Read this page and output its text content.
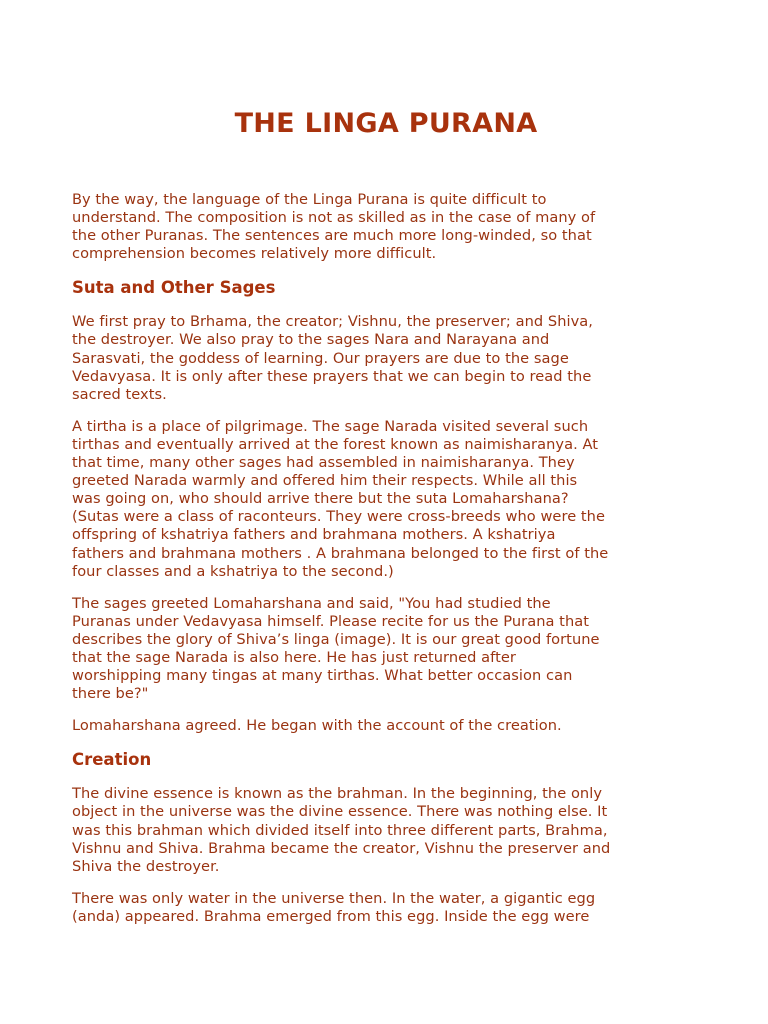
THE LINGA PURANA

By the way, the language of the Linga Purana is quite difficult to
understand. The composition is not as skilled as in the case of many of
the other Puranas. The sentences are much more long-winded, so that
comprehension becomes relatively more difficult.

Suta and Other Sages

We first pray to Brhama, the creator; Vishnu, the preserver; and Shiva,
the destroyer. We also pray to the sages Nara and Narayana and
Sarasvati, the goddess of learning. Our prayers are due to the sage
Vedavyasa. It is only after these prayers that we can begin to read the
sacred texts.

A tirtha is a place of pilgrimage. The sage Narada visited several such
tirthas and eventually arrived at the forest known as naimisharanya. At
that time, many other sages had assembled in naimisharanya. They
greeted Narada warmly and offered him their respects. While all this
was going on, who should arrive there but the suta Lomaharshana?
(Sutas were a class of raconteurs. They were cross-breeds who were the
offspring of kshatriya fathers and brahmana mothers. A kshatriya
fathers and brahmana mothers . A brahmana belonged to the first of the
four classes and a kshatriya to the second.)

The sages greeted Lomaharshana and said, "You had studied the
Puranas under Vedavyasa himself. Please recite for us the Purana that
describes the glory of Shiva’s linga (image). It is our great good fortune
that the sage Narada is also here. He has just returned after
worshipping many tingas at many tirthas. What better occasion can
there be?"

Lomaharshana agreed. He began with the account of the creation.

Creation

The divine essence is known as the brahman. In the beginning, the only
object in the universe was the divine essence. There was nothing else. It
was this brahman which divided itself into three different parts, Brahma,
Vishnu and Shiva. Brahma became the creator, Vishnu the preserver and
Shiva the destroyer.

There was only water in the universe then. In the water, a gigantic egg
(anda) appeared. Brahma emerged from this egg. Inside the egg were
